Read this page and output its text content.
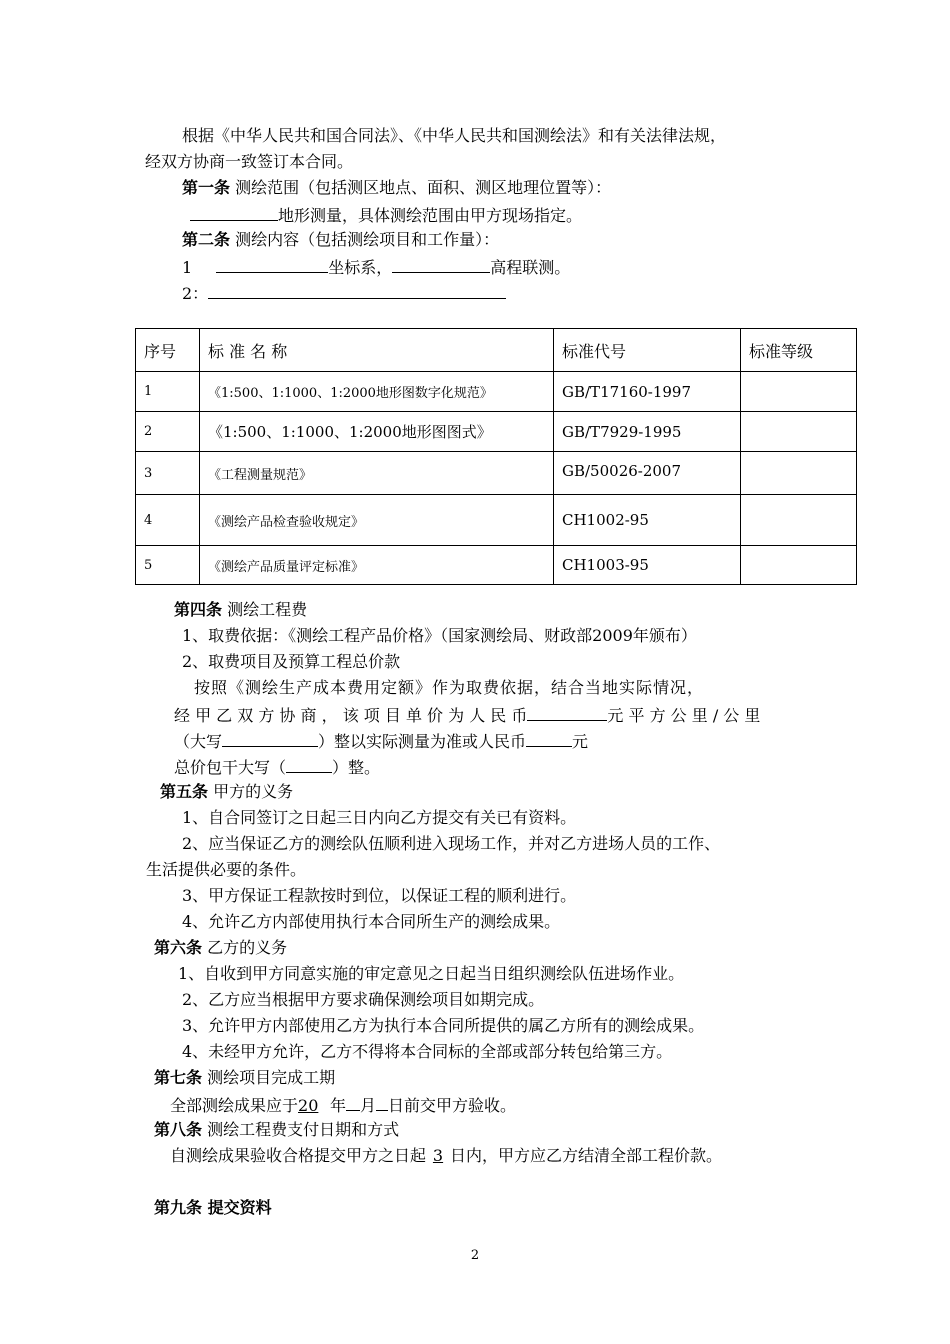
根据《中华人民共和国合同法》、《中华人民共和国测绘法》和有关法律法规，
经双方协商一致签订本合同。
第一条 测绘范围（包括测区地点、面积、测区地理位置等）：
地形测量，具体测绘范围由甲方现场指定。
第二条 测绘内容（包括测绘项目和工作量）：
1	坐标系，	高程联测。
2：
序号	标 准 名 称	标准代号	标准等级
1	《1:500、1:1000、1:2000地形图数字化规范》	GB/T17160-1997	
2	《1:500、1:1000、1:2000地形图图式》	GB/T7929-1995	
3	《工程测量规范》	GB/50026-2007	
4	《测绘产品检查验收规定》	CH1002-95	
5	《测绘产品质量评定标准》	CH1003-95	
第四条 测绘工程费
1、取费依据：《测绘工程产品价格》（国家测绘局、财政部2009年颁布）
2、取费项目及预算工程总价款
按照《测绘生产成本费用定额》作为取费依据，结合当地实际情况，
经 甲 乙 双 方 协 商 ， 该 项 目 单 价 为 人 民 币	元 平 方 公 里 / 公 里
（大写	）整以实际测量为准或人民币	元
总价包干大写（	）整。
第五条 甲方的义务
1、自合同签订之日起三日内向乙方提交有关已有资料。
2、应当保证乙方的测绘队伍顺利进入现场工作，并对乙方进场人员的工作、
生活提供必要的条件。
3、甲方保证工程款按时到位，以保证工程的顺利进行。
4、允许乙方内部使用执行本合同所生产的测绘成果。
第六条 乙方的义务
1、自收到甲方同意实施的审定意见之日起当日组织测绘队伍进场作业。
2、乙方应当根据甲方要求确保测绘项目如期完成。
3、允许甲方内部使用乙方为执行本合同所提供的属乙方所有的测绘成果。
4、未经甲方允许，乙方不得将本合同标的全部或部分转包给第三方。
第七条 测绘项目完成工期
全部测绘成果应于20 年 月 日前交甲方验收。
第八条 测绘工程费支付日期和方式
自测绘成果验收合格提交甲方之日起 3 日内，甲方应乙方结清全部工程价款。
第九条 提交资料
2
